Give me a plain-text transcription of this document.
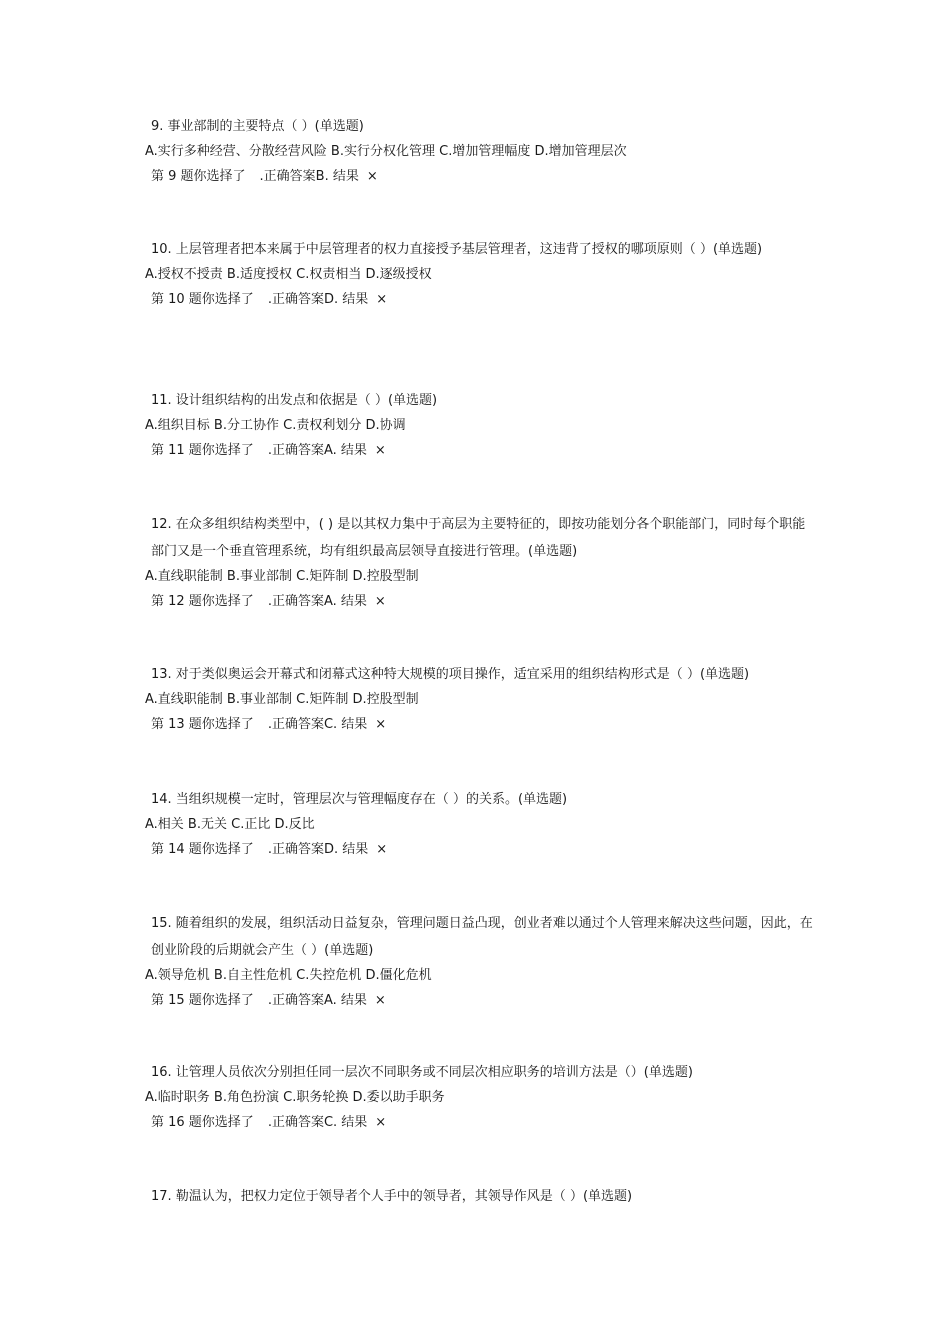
9. 事业部制的主要特点（ ）(单选题)
A.实行多种经营、分散经营风险 B.实行分权化管理 C.增加管理幅度 D.增加管理层次
第 9 题你选择了 .正确答案B. 结果 ×
10. 上层管理者把本来属于中层管理者的权力直接授予基层管理者，这违背了授权的哪项原则（ ）(单选题)
A.授权不授责 B.适度授权 C.权责相当 D.逐级授权
第 10 题你选择了 .正确答案D. 结果 ×
11. 设计组织结构的出发点和依据是（ ）(单选题)
A.组织目标 B.分工协作 C.责权利划分 D.协调
第 11 题你选择了 .正确答案A. 结果 ×
12. 在众多组织结构类型中，( ) 是以其权力集中于高层为主要特征的，即按功能划分各个职能部门，同时每个职能部门又是一个垂直管理系统，均有组织最高层领导直接进行管理。(单选题)
A.直线职能制 B.事业部制 C.矩阵制 D.控股型制
第 12 题你选择了 .正确答案A. 结果 ×
13. 对于类似奥运会开幕式和闭幕式这种特大规模的项目操作，适宜采用的组织结构形式是（ ）(单选题)
A.直线职能制 B.事业部制 C.矩阵制 D.控股型制
第 13 题你选择了 .正确答案C. 结果 ×
14. 当组织规模一定时，管理层次与管理幅度存在（ ）的关系。(单选题)
A.相关 B.无关 C.正比 D.反比
第 14 题你选择了 .正确答案D. 结果 ×
15. 随着组织的发展，组织活动日益复杂，管理问题日益凸现，创业者难以通过个人管理来解决这些问题，因此，在创业阶段的后期就会产生（ ）(单选题)
A.领导危机 B.自主性危机 C.失控危机 D.僵化危机
第 15 题你选择了 .正确答案A. 结果 ×
16. 让管理人员依次分别担任同一层次不同职务或不同层次相应职务的培训方法是（）(单选题)
A.临时职务 B.角色扮演 C.职务轮换 D.委以助手职务
第 16 题你选择了 .正确答案C. 结果 ×
17. 勒温认为，把权力定位于领导者个人手中的领导者，其领导作风是（ ）(单选题)
